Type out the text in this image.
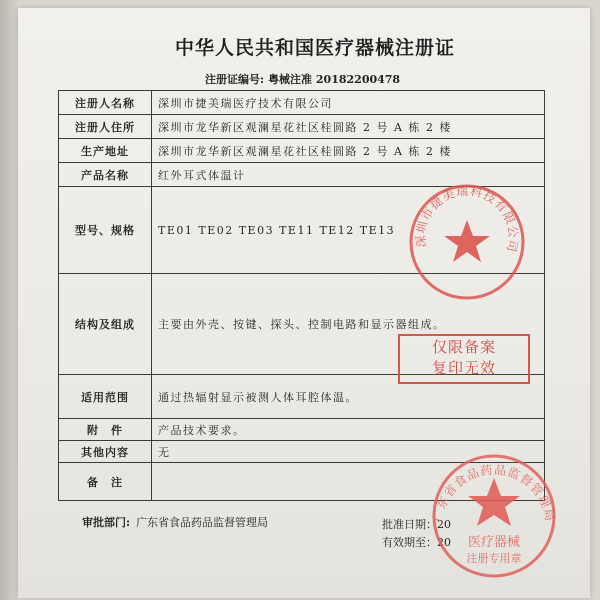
中华人民共和国医疗器械注册证
注册证编号: 粤械注准 20182200478
注册人名称	深圳市捷美瑞医疗技术有限公司
注册人住所	深圳市龙华新区观澜星花社区桂圆路 2 号 A 栋 2 楼
生产地址	深圳市龙华新区观澜星花社区桂圆路 2 号 A 栋 2 楼
产品名称	红外耳式体温计
型号、规格	TE01 TE02 TE03 TE11 TE12 TE13
结构及组成	主要由外壳、按键、探头、控制电路和显示器组成。
适用范围	通过热辐射显示被测人体耳腔体温。
附　件	产品技术要求。
其他内容	无
备　注	
审批部门: 广东省食品药品监督管理局	批准日期：20
有效期至：20
深圳市捷美瑞科技有限公司
仅限备案
复印无效
广东省食品药品监督管理局
医疗器械
注册专用章
